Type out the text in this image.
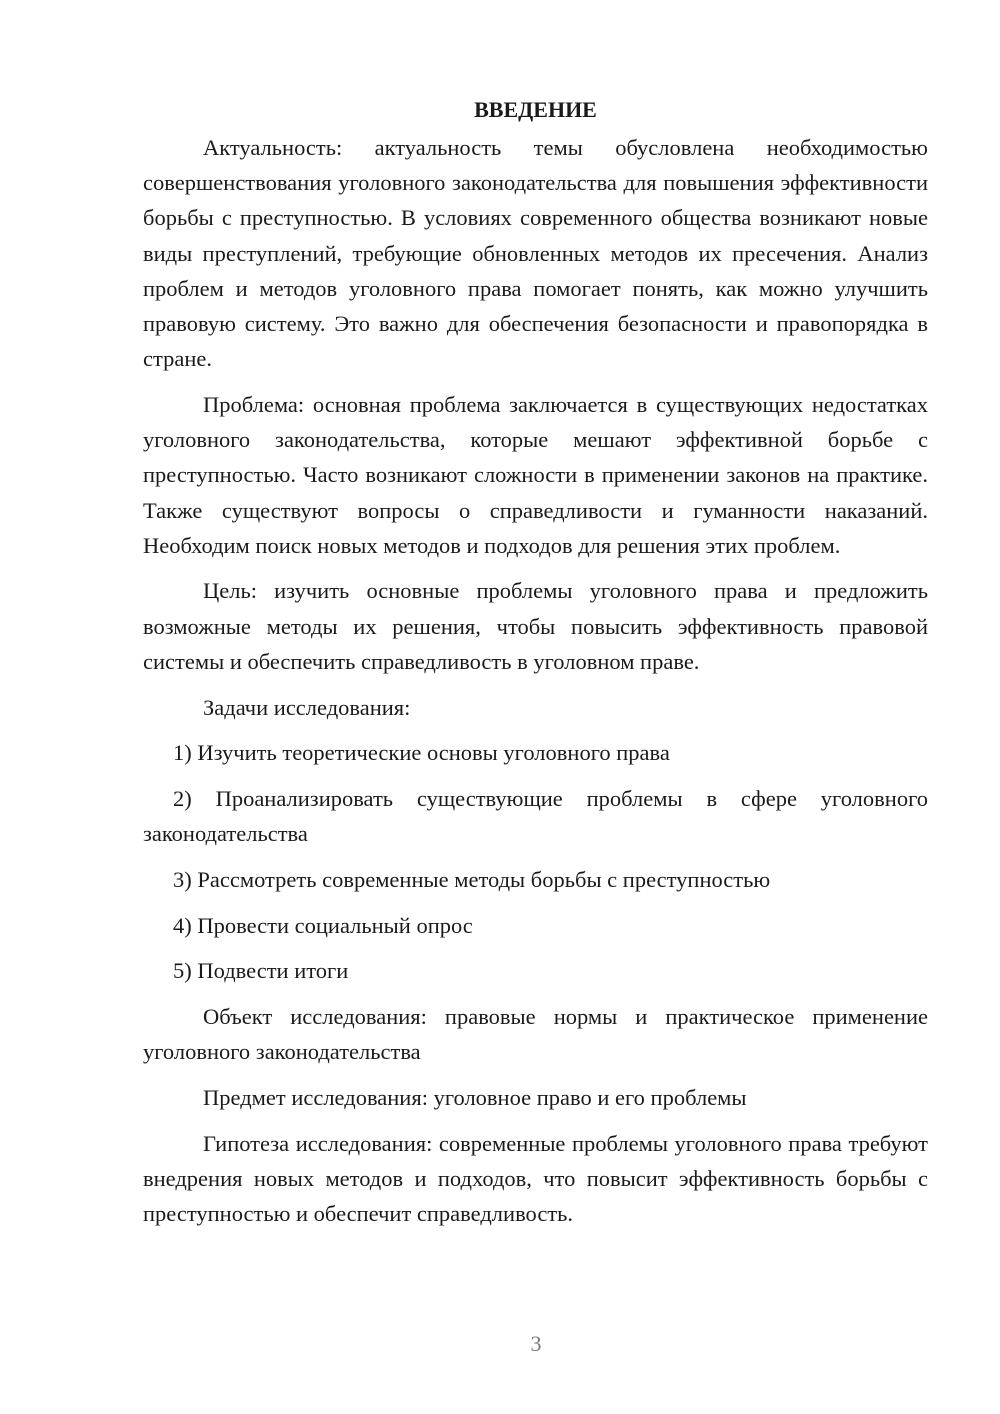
ВВЕДЕНИЕ

Актуальность: актуальность темы обусловлена необходимостью совершенствования уголовного законодательства для повышения эффективности борьбы с преступностью. В условиях современного общества возникают новые виды преступлений, требующие обновленных методов их пресечения. Анализ проблем и методов уголовного права помогает понять, как можно улучшить правовую систему. Это важно для обеспечения безопасности и правопорядка в стране.

Проблема: основная проблема заключается в существующих недостатках уголовного законодательства, которые мешают эффективной борьбе с преступностью. Часто возникают сложности в применении законов на практике. Также существуют вопросы о справедливости и гуманности наказаний. Необходим поиск новых методов и подходов для решения этих проблем.

Цель: изучить основные проблемы уголовного права и предложить возможные методы их решения, чтобы повысить эффективность правовой системы и обеспечить справедливость в уголовном праве.

Задачи исследования:

1) Изучить теоретические основы уголовного права

2) Проанализировать существующие проблемы в сфере уголовного законодательства

3) Рассмотреть современные методы борьбы с преступностью

4) Провести социальный опрос

5) Подвести итоги

Объект исследования: правовые нормы и практическое применение уголовного законодательства

Предмет исследования: уголовное право и его проблемы

Гипотеза исследования: современные проблемы уголовного права требуют внедрения новых методов и подходов, что повысит эффективность борьбы с преступностью и обеспечит справедливость.

3
